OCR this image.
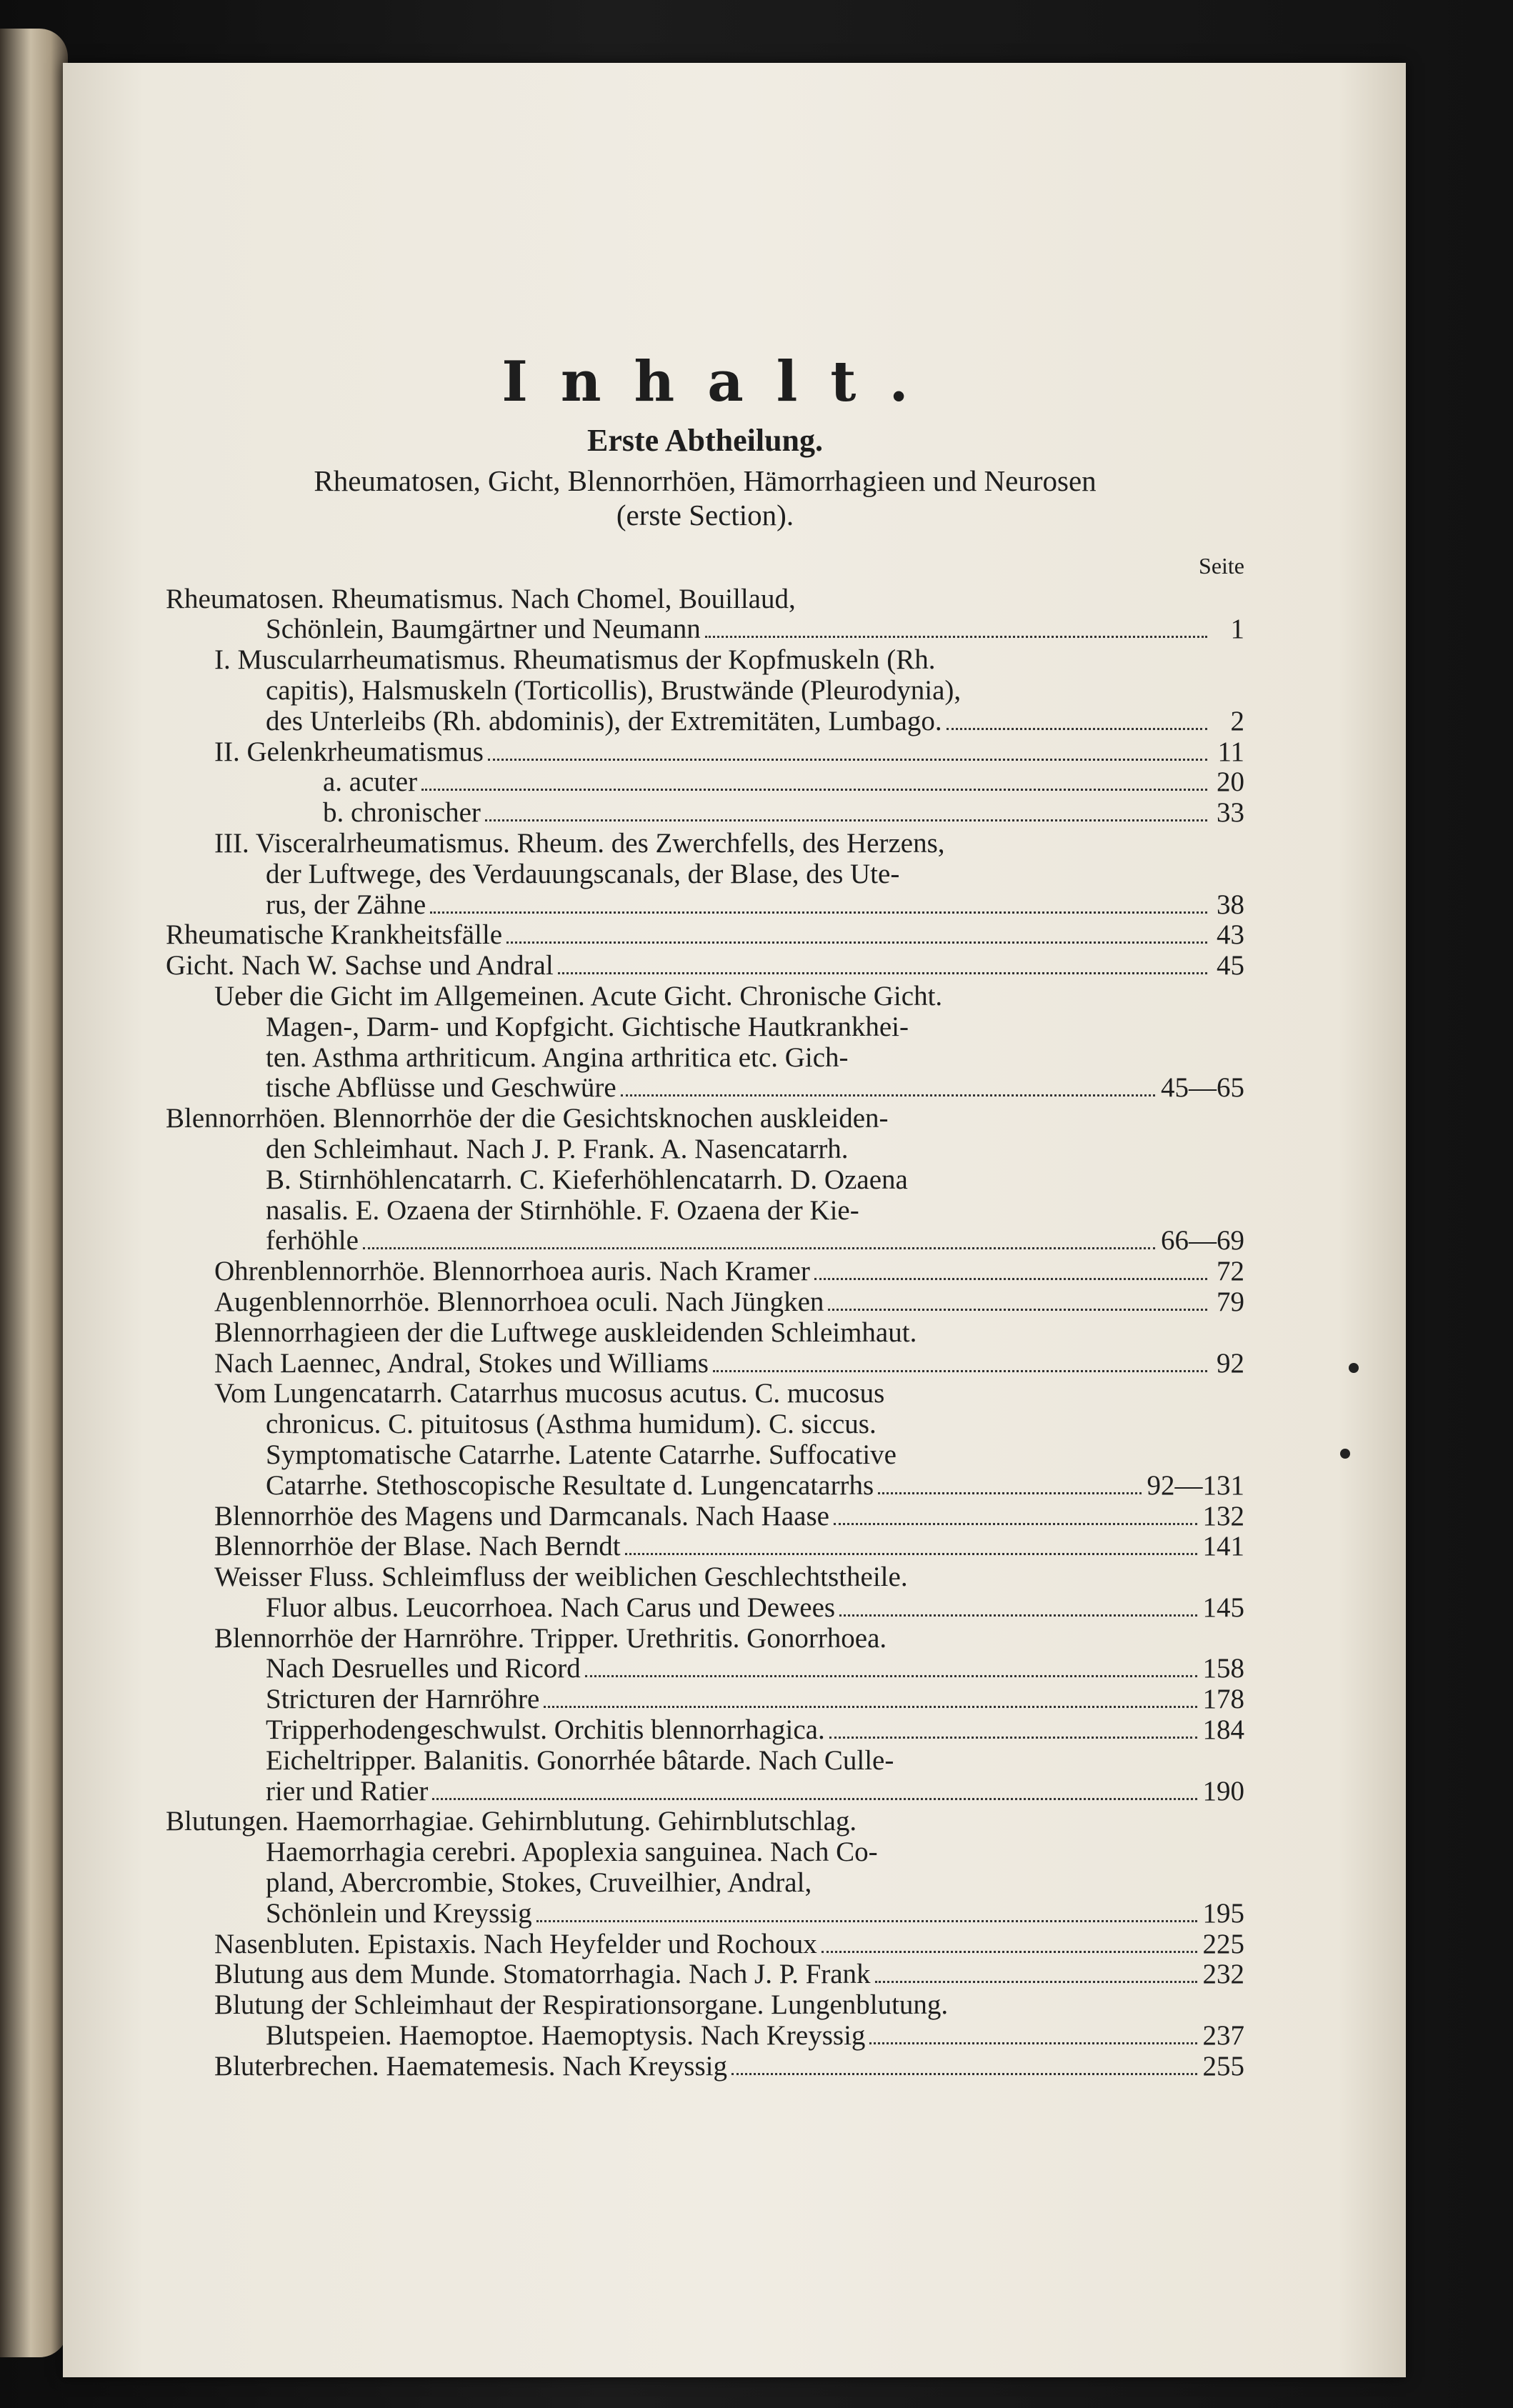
Inhalt.
Erste Abtheilung.
Rheumatosen, Gicht, Blennorrhöen, Hämorrhagieen und Neurosen
(erste Section).
Seite
Rheumatosen. Rheumatismus. Nach Chomel, Bouillaud,
Schönlein, Baumgärtner und Neumann	1
I. Muscularrheumatismus. Rheumatismus der Kopfmuskeln (Rh.
capitis), Halsmuskeln (Torticollis), Brustwände (Pleurodynia),
des Unterleibs (Rh. abdominis), der Extremitäten, Lumbago.	2
II. Gelenkrheumatismus	11
a. acuter	20
b. chronischer	33
III. Visceralrheumatismus. Rheum. des Zwerchfells, des Herzens,
der Luftwege, des Verdauungscanals, der Blase, des Ute-
rus, der Zähne	38
Rheumatische Krankheitsfälle	43
Gicht. Nach W. Sachse und Andral	45
Ueber die Gicht im Allgemeinen. Acute Gicht. Chronische Gicht.
Magen-, Darm- und Kopfgicht. Gichtische Hautkrankhei-
ten. Asthma arthriticum. Angina arthritica etc. Gich-
tische Abflüsse und Geschwüre	45—65
Blennorrhöen. Blennorrhöe der die Gesichtsknochen auskleiden-
den Schleimhaut. Nach J. P. Frank. A. Nasencatarrh.
B. Stirnhöhlencatarrh. C. Kieferhöhlencatarrh. D. Ozaena
nasalis. E. Ozaena der Stirnhöhle. F. Ozaena der Kie-
ferhöhle	66—69
Ohrenblennorrhöe. Blennorrhoea auris. Nach Kramer	72
Augenblennorrhöe. Blennorrhoea oculi. Nach Jüngken	79
Blennorrhagieen der die Luftwege auskleidenden Schleimhaut.
Nach Laennec, Andral, Stokes und Williams	92
Vom Lungencatarrh. Catarrhus mucosus acutus. C. mucosus
chronicus. C. pituitosus (Asthma humidum). C. siccus.
Symptomatische Catarrhe. Latente Catarrhe. Suffocative
Catarrhe. Stethoscopische Resultate d. Lungencatarrhs	92—131
Blennorrhöe des Magens und Darmcanals. Nach Haase	132
Blennorrhöe der Blase. Nach Berndt	141
Weisser Fluss. Schleimfluss der weiblichen Geschlechtstheile.
Fluor albus. Leucorrhoea. Nach Carus und Dewees	145
Blennorrhöe der Harnröhre. Tripper. Urethritis. Gonorrhoea.
Nach Desruelles und Ricord	158
Stricturen der Harnröhre	178
Tripperhodengeschwulst. Orchitis blennorrhagica.	184
Eicheltripper. Balanitis. Gonorrhée bâtarde. Nach Culle-
rier und Ratier	190
Blutungen. Haemorrhagiae. Gehirnblutung. Gehirnblutschlag.
Haemorrhagia cerebri. Apoplexia sanguinea. Nach Co-
pland, Abercrombie, Stokes, Cruveilhier, Andral,
Schönlein und Kreyssig	195
Nasenbluten. Epistaxis. Nach Heyfelder und Rochoux	225
Blutung aus dem Munde. Stomatorrhagia. Nach J. P. Frank	232
Blutung der Schleimhaut der Respirationsorgane. Lungenblutung.
Blutspeien. Haemoptoe. Haemoptysis. Nach Kreyssig	237
Bluterbrechen. Haematemesis. Nach Kreyssig	255
